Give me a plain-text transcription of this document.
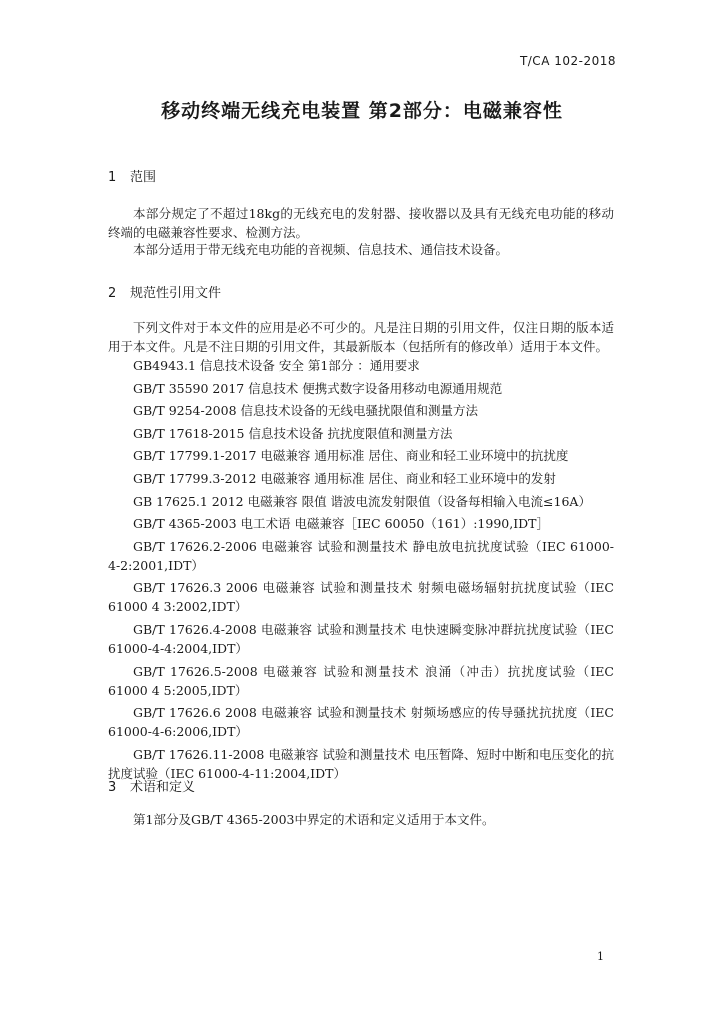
T/CA 102-2018
移动终端无线充电装置 第2部分：电磁兼容性
1 范围
本部分规定了不超过18kg的无线充电的发射器、接收器以及具有无线充电功能的移动终端的电磁兼容性要求、检测方法。
本部分适用于带无线充电功能的音视频、信息技术、通信技术设备。
2 规范性引用文件
下列文件对于本文件的应用是必不可少的。凡是注日期的引用文件，仅注日期的版本适用于本文件。凡是不注日期的引用文件，其最新版本（包括所有的修改单）适用于本文件。

GB4943.1 信息技术设备 安全 第1部分 ：通用要求

GB/T 35590 2017 信息技术 便携式数字设备用移动电源通用规范

GB/T 9254-2008 信息技术设备的无线电骚扰限值和测量方法

GB/T 17618-2015 信息技术设备 抗扰度限值和测量方法

GB/T 17799.1-2017 电磁兼容 通用标准 居住、商业和轻工业环境中的抗扰度

GB/T 17799.3-2012 电磁兼容 通用标准 居住、商业和轻工业环境中的发射

GB 17625.1 2012 电磁兼容 限值 谐波电流发射限值（设备每相输入电流≤16A）

GB/T 4365-2003 电工术语 电磁兼容［IEC 60050（161）:1990,IDT］

GB/T 17626.2-2006 电磁兼容 试验和测量技术 静电放电抗扰度试验（IEC 61000-4-2:2001,IDT）

GB/T 17626.3 2006 电磁兼容 试验和测量技术 射频电磁场辐射抗扰度试验（IEC 61000 4 3:2002,IDT）

GB/T 17626.4-2008 电磁兼容 试验和测量技术 电快速瞬变脉冲群抗扰度试验（IEC 61000-4-4:2004,IDT）

GB/T 17626.5-2008 电磁兼容 试验和测量技术 浪涌（冲击）抗扰度试验（IEC 61000 4 5:2005,IDT）

GB/T 17626.6 2008 电磁兼容 试验和测量技术 射频场感应的传导骚扰抗扰度（IEC 61000-4-6:2006,IDT）

GB/T 17626.11-2008 电磁兼容 试验和测量技术 电压暂降、短时中断和电压变化的抗扰度试验（IEC 61000-4-11:2004,IDT）

3 术语和定义
第1部分及GB/T 4365-2003中界定的术语和定义适用于本文件。
1
